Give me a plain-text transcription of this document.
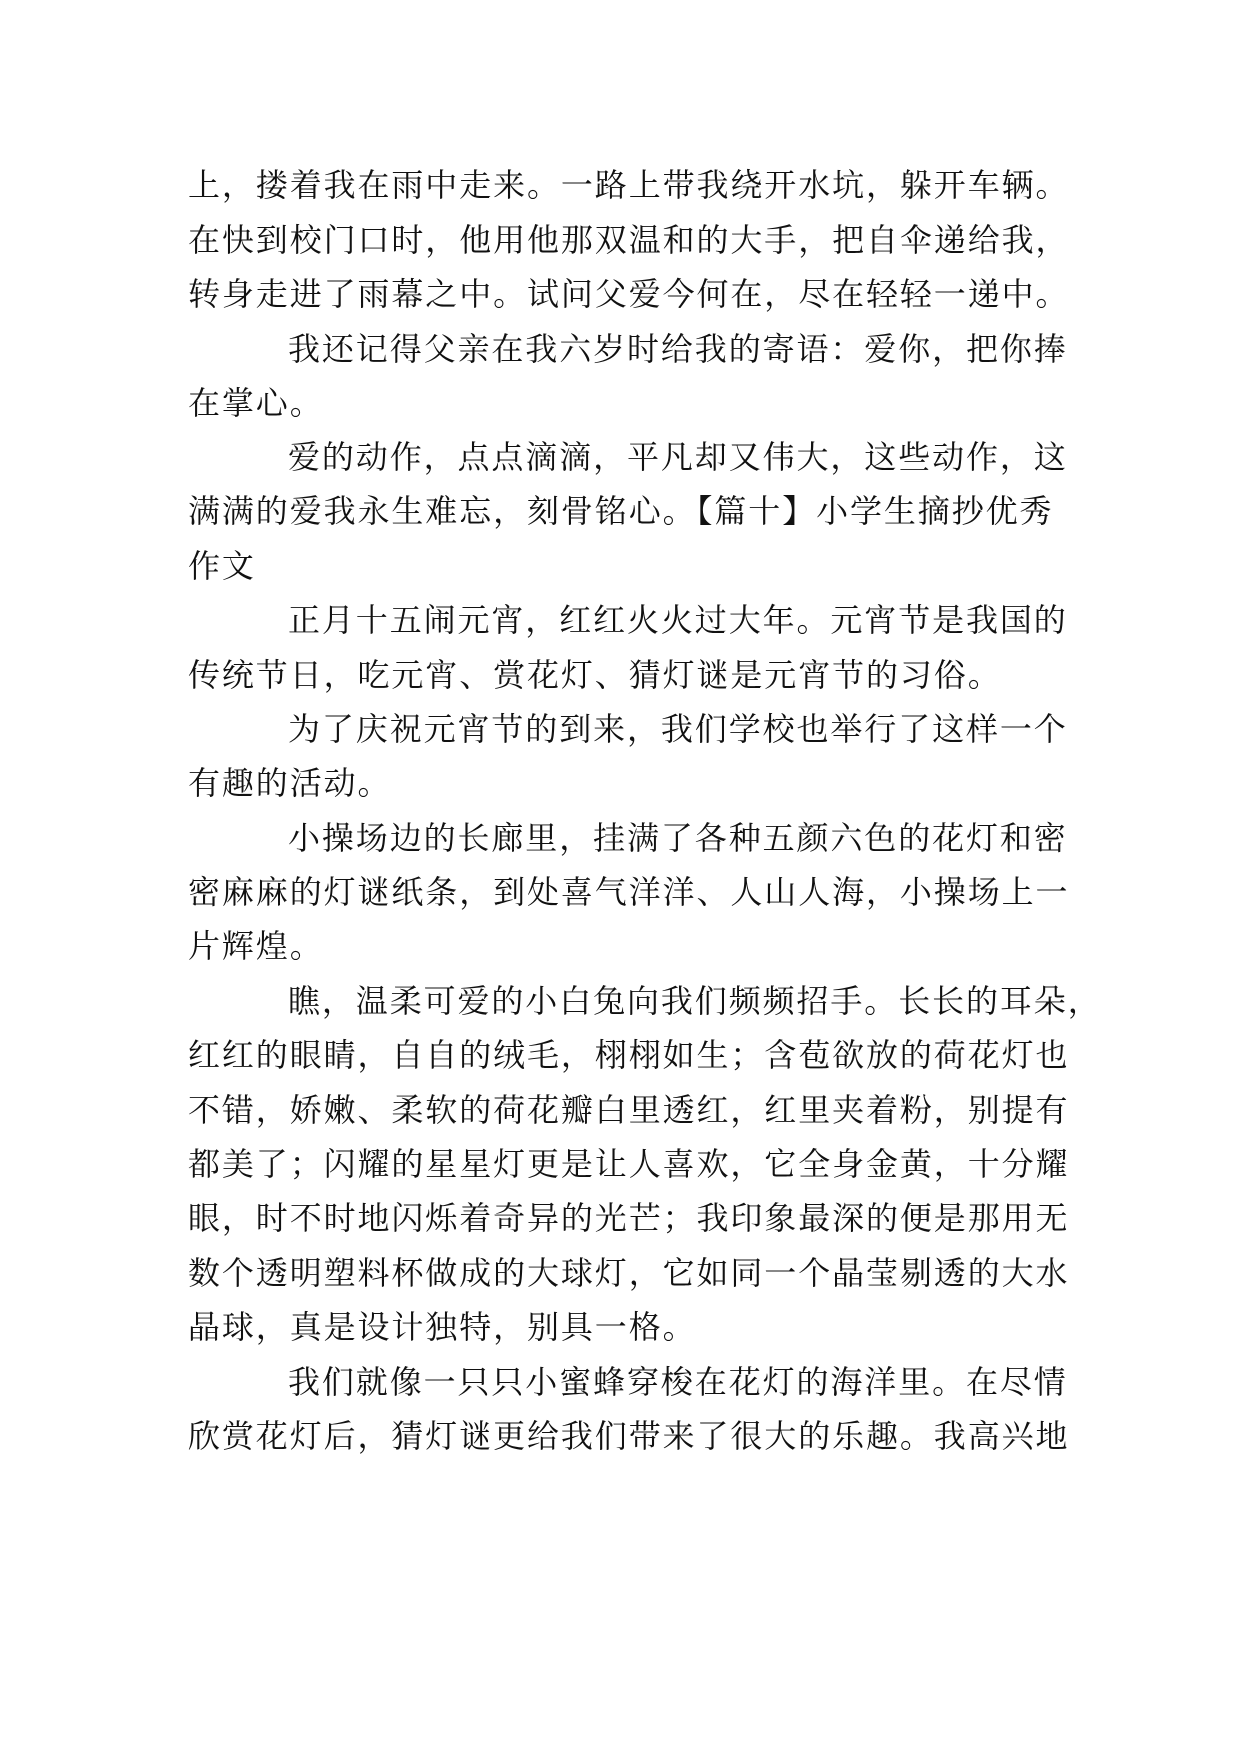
上，搂着我在雨中走来。一路上带我绕开水坑，躲开车辆。
在快到校门口时，他用他那双温和的大手，把自伞递给我，
转身走进了雨幕之中。试问父爱今何在，尽在轻轻一递中。
我还记得父亲在我六岁时给我的寄语：爱你，把你捧
在掌心。
爱的动作，点点滴滴，平凡却又伟大，这些动作，这
满满的爱我永生难忘，刻骨铭心。【篇十】小学生摘抄优秀
作文
正月十五闹元宵，红红火火过大年。元宵节是我国的
传统节日，吃元宵、赏花灯、猜灯谜是元宵节的习俗。
为了庆祝元宵节的到来，我们学校也举行了这样一个
有趣的活动。
小操场边的长廊里，挂满了各种五颜六色的花灯和密
密麻麻的灯谜纸条，到处喜气洋洋、人山人海，小操场上一
片辉煌。
瞧，温柔可爱的小白兔向我们频频招手。长长的耳朵，
红红的眼睛，自自的绒毛，栩栩如生；含苞欲放的荷花灯也
不错，娇嫩、柔软的荷花瓣白里透红，红里夹着粉，别提有
都美了；闪耀的星星灯更是让人喜欢，它全身金黄，十分耀
眼，时不时地闪烁着奇异的光芒；我印象最深的便是那用无
数个透明塑料杯做成的大球灯，它如同一个晶莹剔透的大水
晶球，真是设计独特，别具一格。
我们就像一只只小蜜蜂穿梭在花灯的海洋里。在尽情
欣赏花灯后，猜灯谜更给我们带来了很大的乐趣。我高兴地
